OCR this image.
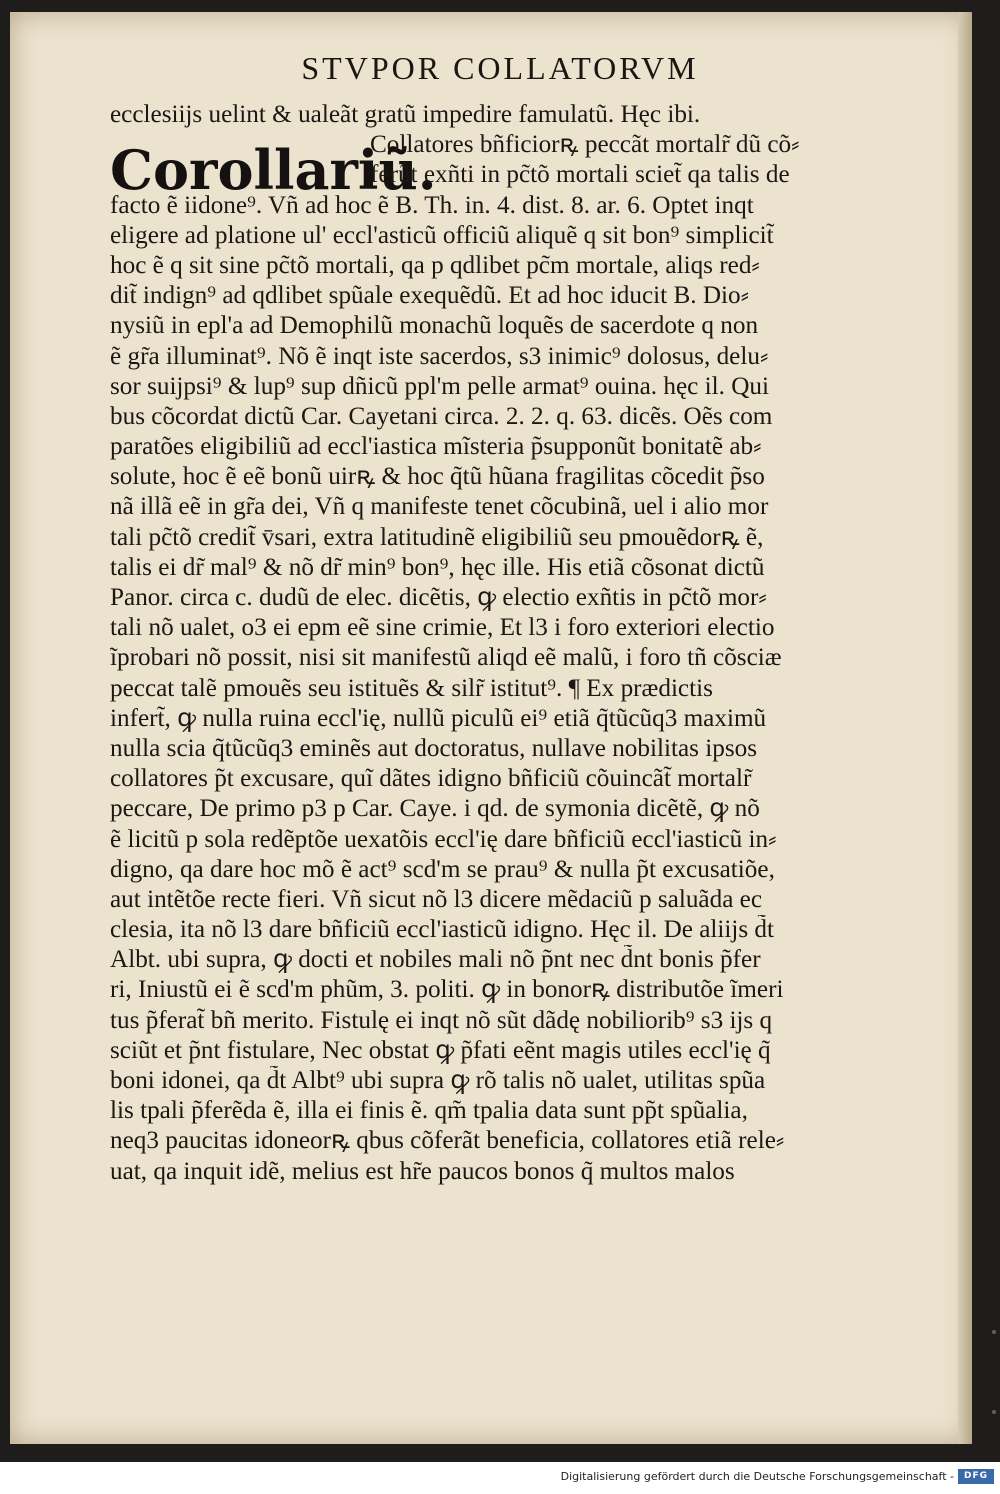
STVPOR COLLATORVM
Corollariũ.
ecclesiĳs uelint & ualeãt gratũ impedire famulatũ. Hęc ibi.
Collatores bñficiorꝶ peccãt mortalr̃ dũ cõ⸗
ferũt exñti in pc̃tõ mortali sciet̃ qa talis de
facto ẽ iidone⁹. Vñ ad hoc ẽ B. Th. in. 4. dist. 8. ar. 6. Optet inqt
eligere ad platione ul' eccl'asticũ officiũ aliquẽ q sit bon⁹ simplicit̃
hoc ẽ q sit sine pc̃tõ mortali, qa p qdlibet pc̃m mortale, aliqs red⸗
dit̃ indign⁹ ad qdlibet spũale exequẽdũ. Et ad hoc iducit B. Dio⸗
nysiũ in epl'a ad Demophilũ monachũ loquẽs de sacerdote q non
ẽ gr̃a illuminat⁹. Nõ ẽ inqt iste sacerdos, s3 inimic⁹ dolosus, delu⸗
sor suĳpsi⁹ & lup⁹ sup dñicũ ppl'm pelle armat⁹ ouina. hęc il. Qui
bus cõcordat dictũ Car. Cayetani circa. 2. 2. q. 63. dicẽs. Oẽs com
paratões eligibiliũ ad eccl'iastica mĩsteria p̃supponũt bonitatẽ ab⸗
solute, hoc ẽ eẽ bonũ uirꝶ & hoc q̃tũ hũana fragilitas cõcedit p̃so
nã illã eẽ in gr̃a dei, Vñ q manifeste tenet cõcubinã, uel i alio mor
tali pc̃tõ credit̃ v̄sari, extra latitudinẽ eligibiliũ seu pmouẽdorꝶ ẽ,
talis ei dr̃ mal⁹ & nõ dr̃ min⁹ bon⁹, hęc ille. His etiã cõsonat dictũ
Panor. circa c. dudũ de elec. dicẽtis, ꝙ electio exñtis in pc̃tõ mor⸗
tali nõ ualet, o3 ei epm eẽ sine crimie, Et l3 i foro exteriori electio
ĩprobari nõ possit, nisi sit manifestũ aliqd eẽ malũ, i foro tñ cõsciæ
peccat talẽ pmouẽs seu istituẽs & silr̃ istitut⁹. ¶ Ex prædictis
infert̃, ꝙ nulla ruina eccl'ię, nullũ piculũ ei⁹ etiã q̃tũcũq3 maximũ
nulla scia q̃tũcũq3 eminẽs aut doctoratus, nullave nobilitas ipsos
collatores p̃t excusare, quĩ dãtes idigno bñficiũ cõuincãt̃ mortalr̃
peccare, De primo p3 p Car. Caye. i qd. de symonia dicẽtẽ, ꝙ nõ
ẽ licitũ p sola redẽptõe uexatõis eccl'ię dare bñficiũ eccl'iasticũ in⸗
digno, qa dare hoc mõ ẽ act⁹ scd'm se prau⁹ & nulla p̃t excusatiõe,
aut intẽtõe recte fieri. Vñ sicut nõ l3 dicere mẽdaciũ p saluãda ec
clesia, ita nõ l3 dare bñficiũ eccl'iasticũ idigno. Hęc il. De aliĳs d̃t
Albt. ubi supra, ꝙ docti et nobiles mali nõ p̃nt nec d̃nt bonis p̃fer
ri, Iniustũ ei ẽ scd'm phũm, 3. politi. ꝙ in bonorꝶ distributõe ĩmeri
tus p̃ferat̃ bñ merito. Fistulę ei inqt nõ sũt dãdę nobiliorib⁹ s3 ĳs q
sciũt et p̃nt fistulare, Nec obstat ꝙ p̃fati eẽnt magis utiles eccl'ię q̃
boni idonei, qa d̃t Albt⁹ ubi supra ꝙ rõ talis nõ ualet, utilitas spũa
lis tpali p̃ferẽda ẽ, illa ei finis ẽ. qm̃ tpalia data sunt pp̃t spũalia,
neq3 paucitas idoneorꝶ qbus cõferãt beneficia, collatores etiã rele⸗
uat, qa inquit idẽ, melius est hr̃e paucos bonos q̃ multos malos
Digitalisierung gefördert durch die Deutsche Forschungsgemeinschaft -	DFG
